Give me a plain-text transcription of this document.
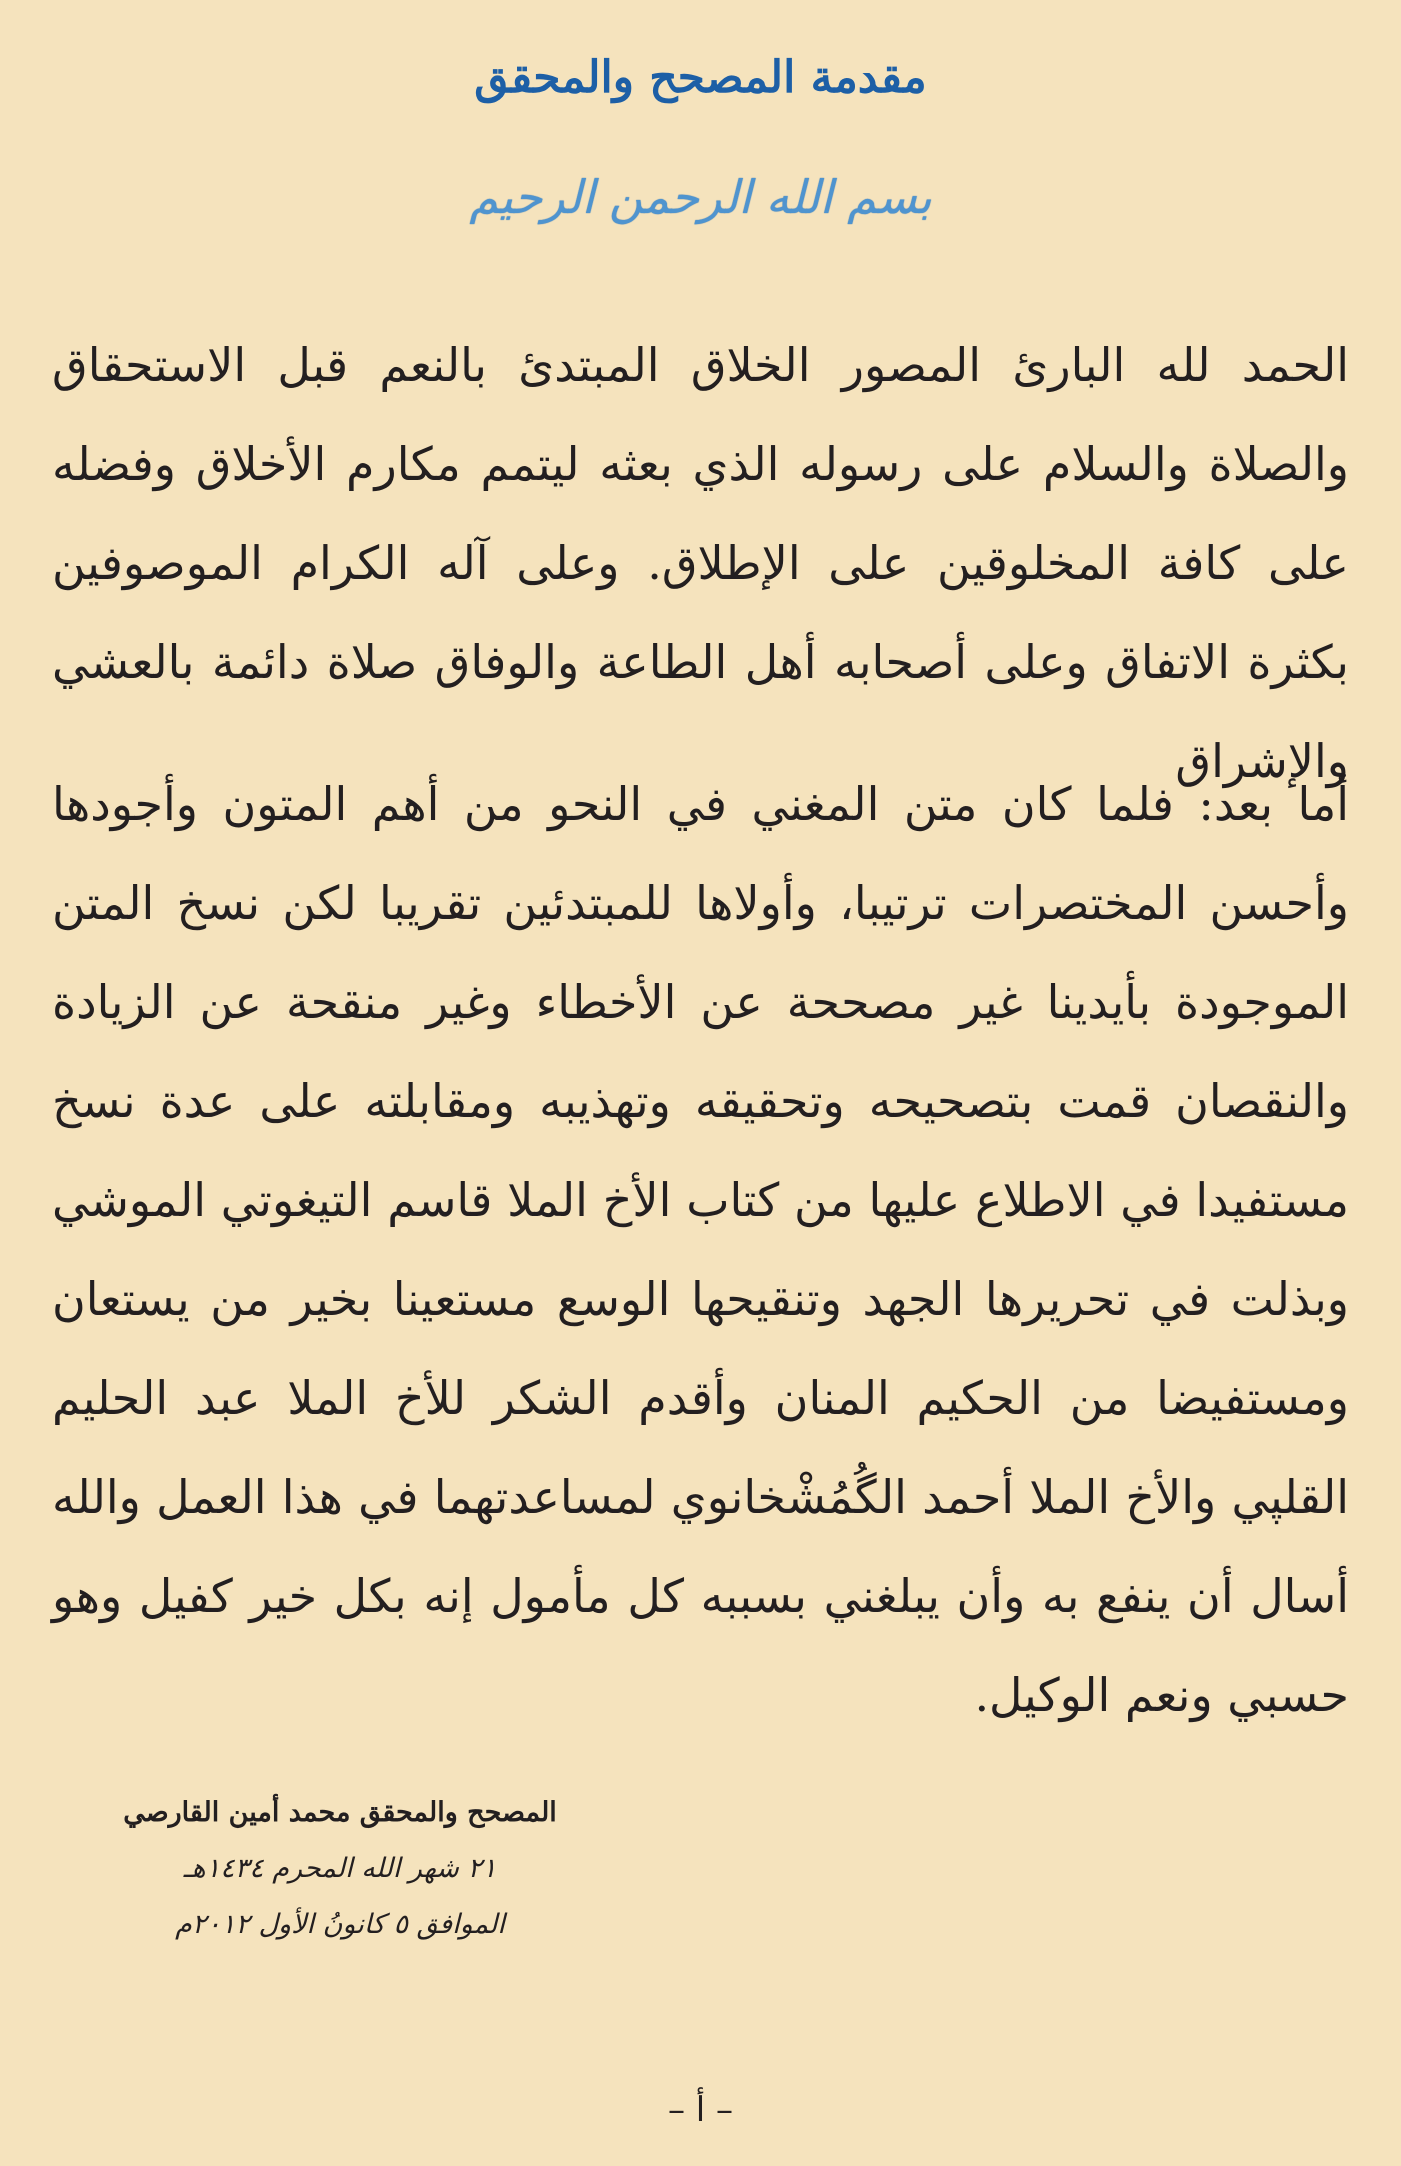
مقدمة المصحح والمحقق
بسم الله الرحمن الرحيم

الحمد لله البارئ المصور الخلاق المبتدئ بالنعم قبل الاستحقاق والصلاة والسلام على رسوله الذي بعثه ليتمم مكارم الأخلاق وفضله على كافة المخلوقين على الإطلاق. وعلى آله الكرام الموصوفين بكثرة الاتفاق وعلى أصحابه أهل الطاعة والوفاق صلاة دائمة بالعشي والإشراق

أما بعد: فلما كان متن المغني في النحو من أهم المتون وأجودها وأحسن المختصرات ترتيبا، وأولاها للمبتدئين تقريبا لكن نسخ المتن الموجودة بأيدينا غير مصححة عن الأخطاء وغير منقحة عن الزيادة والنقصان قمت بتصحيحه وتحقيقه وتهذيبه ومقابلته على عدة نسخ مستفيدا في الاطلاع عليها من كتاب الأخ الملا قاسم التيغوتي الموشي وبذلت في تحريرها الجهد وتنقيحها الوسع مستعينا بخير من يستعان ومستفيضا من الحكيم المنان وأقدم الشكر للأخ الملا عبد الحليم القلپي والأخ الملا أحمد الگُمُشْخانوي لمساعدتهما في هذا العمل والله أسال أن ينفع به وأن يبلغني بسببه كل مأمول إنه بكل خير كفيل وهو حسبي ونعم الوكيل.

المصحح والمحقق محمد أمين القارصي
٢١ شهر الله المحرم ١٤٣٤هـ
الموافق ٥ كانونُ الأول ٢٠١٢م
– أ –
